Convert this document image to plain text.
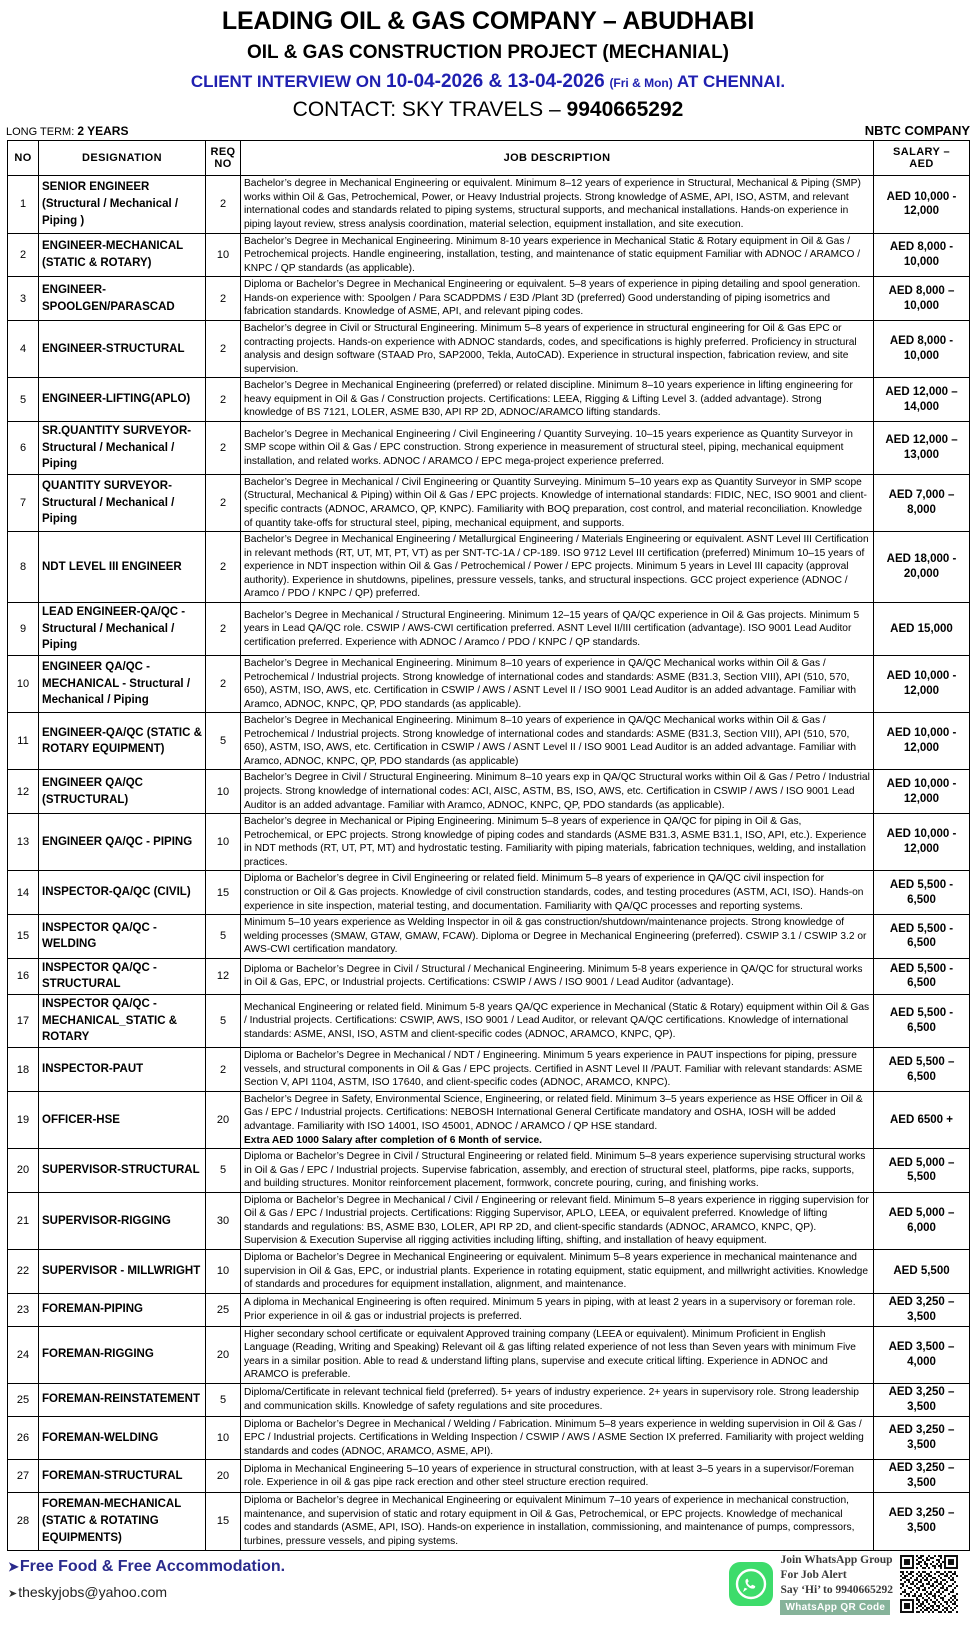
LEADING OIL & GAS COMPANY – ABUDHABI
OIL & GAS CONSTRUCTION PROJECT (MECHANIAL)
CLIENT INTERVIEW ON 10-04-2026 & 13-04-2026 (Fri & Mon) AT CHENNAI.
CONTACT: SKY TRAVELS – 9940665292
LONG TERM: 2 YEARS	NBTC COMPANY
NO	DESIGNATION	REQ
NO	JOB DESCRIPTION	SALARY –
AED
1	SENIOR ENGINEER (Structural / Mechanical / Piping )	2	Bachelor’s degree in Mechanical Engineering or equivalent. Minimum 8–12 years of experience in Structural, Mechanical & Piping (SMP) works within Oil & Gas, Petrochemical, Power, or Heavy Industrial projects. Strong knowledge of ASME, API, ISO, ASTM, and relevant international codes and standards related to piping systems, structural supports, and mechanical installations. Hands-on experience in piping layout review, stress analysis coordination, material selection, equipment installation, and site execution.	AED 10,000 - 12,000
2	ENGINEER-MECHANICAL (STATIC & ROTARY)	10	Bachelor’s Degree in Mechanical Engineering. Minimum 8-10 years experience in Mechanical Static & Rotary equipment in Oil & Gas / Petrochemical projects. Handle engineering, installation, testing, and maintenance of static equipment Familiar with ADNOC / ARAMCO / KNPC / QP standards (as applicable).	AED 8,000 - 10,000
3	ENGINEER-SPOOLGEN/PARASCAD	2	Diploma or Bachelor’s Degree in Mechanical Engineering or equivalent. 5–8 years of experience in piping detailing and spool generation. Hands-on experience with: Spoolgen / Para SCADPDMS / E3D /Plant 3D (preferred) Good understanding of piping isometrics and fabrication standards. Knowledge of ASME, API, and relevant piping codes.	AED 8,000 – 10,000
4	ENGINEER-STRUCTURAL	2	Bachelor’s degree in Civil or Structural Engineering. Minimum 5–8 years of experience in structural engineering for Oil & Gas EPC or contracting projects. Hands-on experience with ADNOC standards, codes, and specifications is highly preferred. Proficiency in structural analysis and design software (STAAD Pro, SAP2000, Tekla, AutoCAD). Experience in structural inspection, fabrication review, and site supervision.	AED 8,000 - 10,000
5	ENGINEER-LIFTING(APLO)	2	Bachelor’s Degree in Mechanical Engineering (preferred) or related discipline. Minimum 8–10 years experience in lifting engineering for heavy equipment in Oil & Gas / Construction projects. Certifications: LEEA, Rigging & Lifting Level 3. (added advantage). Strong knowledge of BS 7121, LOLER, ASME B30, API RP 2D, ADNOC/ARAMCO lifting standards.	AED 12,000 – 14,000
6	SR.QUANTITY SURVEYOR-Structural / Mechanical / Piping	2	Bachelor’s Degree in Mechanical Engineering / Civil Engineering / Quantity Surveying. 10–15 years experience as Quantity Surveyor in SMP scope within Oil & Gas / EPC construction. Strong experience in measurement of structural steel, piping, mechanical equipment installation, and related works. ADNOC / ARAMCO / EPC mega-project experience preferred.	AED 12,000 – 13,000
7	QUANTITY SURVEYOR-Structural / Mechanical / Piping	2	Bachelor’s Degree in Mechanical / Civil Engineering or Quantity Surveying. Minimum 5–10 years exp as Quantity Surveyor in SMP scope (Structural, Mechanical & Piping) within Oil & Gas / EPC projects. Knowledge of international standards: FIDIC, NEC, ISO 9001 and client-specific contracts (ADNOC, ARAMCO, QP, KNPC). Familiarity with BOQ preparation, cost control, and material reconciliation. Knowledge of quantity take-offs for structural steel, piping, mechanical equipment, and supports.	AED 7,000 – 8,000
8	NDT LEVEL III ENGINEER	2	Bachelor’s Degree in Mechanical Engineering / Metallurgical Engineering / Materials Engineering or equivalent. ASNT Level III Certification in relevant methods (RT, UT, MT, PT, VT) as per SNT-TC-1A / CP-189. ISO 9712 Level III certification (preferred) Minimum 10–15 years of experience in NDT inspection within Oil & Gas / Petrochemical / Power / EPC projects. Minimum 5 years in Level III capacity (approval authority). Experience in shutdowns, pipelines, pressure vessels, tanks, and structural inspections. GCC project experience (ADNOC / Aramco / PDO / KNPC / QP) preferred.	AED 18,000 - 20,000
9	LEAD ENGINEER-QA/QC - Structural / Mechanical / Piping	2	Bachelor’s Degree in Mechanical / Structural Engineering. Minimum 12–15 years of QA/QC experience in Oil & Gas projects. Minimum 5 years in Lead QA/QC role. CSWIP / AWS-CWI certification preferred. ASNT Level II/III certification (advantage). ISO 9001 Lead Auditor certification preferred. Experience with ADNOC / Aramco / PDO / KNPC / QP standards.	AED 15,000
10	ENGINEER QA/QC - MECHANICAL - Structural / Mechanical / Piping	2	Bachelor’s Degree in Mechanical Engineering. Minimum 8–10 years of experience in QA/QC Mechanical works within Oil & Gas / Petrochemical / Industrial projects. Strong knowledge of international codes and standards: ASME (B31.3, Section VIII), API (510, 570, 650), ASTM, ISO, AWS, etc. Certification in CSWIP / AWS / ASNT Level II / ISO 9001 Lead Auditor is an added advantage. Familiar with Aramco, ADNOC, KNPC, QP, PDO standards (as applicable).	AED 10,000 - 12,000
11	ENGINEER-QA/QC (STATIC & ROTARY EQUIPMENT)	5	Bachelor’s Degree in Mechanical Engineering. Minimum 8–10 years of experience in QA/QC Mechanical works within Oil & Gas / Petrochemical / Industrial projects. Strong knowledge of international codes and standards: ASME (B31.3, Section VIII), API (510, 570, 650), ASTM, ISO, AWS, etc. Certification in CSWIP / AWS / ASNT Level II / ISO 9001 Lead Auditor is an added advantage. Familiar with Aramco, ADNOC, KNPC, QP, PDO standards (as applicable)	AED 10,000 - 12,000
12	ENGINEER QA/QC (STRUCTURAL)	10	Bachelor’s Degree in Civil / Structural Engineering. Minimum 8–10 years exp in QA/QC Structural works within Oil & Gas / Petro / Industrial projects. Strong knowledge of international codes: ACI, AISC, ASTM, BS, ISO, AWS, etc. Certification in CSWIP / AWS / ISO 9001 Lead Auditor is an added advantage. Familiar with Aramco, ADNOC, KNPC, QP, PDO standards (as applicable).	AED 10,000 - 12,000
13	ENGINEER QA/QC - PIPING	10	Bachelor’s degree in Mechanical or Piping Engineering. Minimum 5–8 years of experience in QA/QC for piping in Oil & Gas, Petrochemical, or EPC projects. Strong knowledge of piping codes and standards (ASME B31.3, ASME B31.1, ISO, API, etc.). Experience in NDT methods (RT, UT, PT, MT) and hydrostatic testing. Familiarity with piping materials, fabrication techniques, welding, and installation practices.	AED 10,000 - 12,000
14	INSPECTOR-QA/QC (CIVIL)	15	Diploma or Bachelor’s degree in Civil Engineering or related field. Minimum 5–8 years of experience in QA/QC civil inspection for construction or Oil & Gas projects. Knowledge of civil construction standards, codes, and testing procedures (ASTM, ACI, ISO). Hands-on experience in site inspection, material testing, and documentation. Familiarity with QA/QC processes and reporting systems.	AED 5,500 - 6,500
15	INSPECTOR QA/QC - WELDING	5	Minimum 5–10 years experience as Welding Inspector in oil & gas construction/shutdown/maintenance projects. Strong knowledge of welding processes (SMAW, GTAW, GMAW, FCAW). Diploma or Degree in Mechanical Engineering (preferred). CSWIP 3.1 / CSWIP 3.2 or AWS-CWI certification mandatory.	AED 5,500 - 6,500
16	INSPECTOR QA/QC - STRUCTURAL	12	Diploma or Bachelor’s Degree in Civil / Structural / Mechanical Engineering. Minimum 5-8 years experience in QA/QC for structural works in Oil & Gas, EPC, or Industrial projects. Certifications: CSWIP / AWS / ISO 9001 / Lead Auditor (advantage).	AED 5,500 - 6,500
17	INSPECTOR QA/QC - MECHANICAL_STATIC & ROTARY	5	Mechanical Engineering or related field. Minimum 5-8 years QA/QC experience in Mechanical (Static & Rotary) equipment within Oil & Gas / Industrial projects. Certifications: CSWIP, AWS, ISO 9001 / Lead Auditor, or relevant QA/QC certifications. Knowledge of international standards: ASME, ANSI, ISO, ASTM and client-specific codes (ADNOC, ARAMCO, KNPC, QP).	AED 5,500 - 6,500
18	INSPECTOR-PAUT	2	Diploma or Bachelor’s Degree in Mechanical / NDT / Engineering. Minimum 5 years experience in PAUT inspections for piping, pressure vessels, and structural components in Oil & Gas / EPC projects. Certified in ASNT Level II /PAUT. Familiar with relevant standards: ASME Section V, API 1104, ASTM, ISO 17640, and client-specific codes (ADNOC, ARAMCO, KNPC).	AED 5,500 – 6,500
19	OFFICER-HSE	20	Bachelor’s Degree in Safety, Environmental Science, Engineering, or related field. Minimum 3–5 years experience as HSE Officer in Oil & Gas / EPC / Industrial projects. Certifications: NEBOSH International General Certificate mandatory and OSHA, IOSH will be added advantage. Familiarity with ISO 14001, ISO 45001, ADNOC / ARAMCO / QP HSE standard.
Extra AED 1000 Salary after completion of 6 Month of service.	AED 6500 +
20	SUPERVISOR-STRUCTURAL	5	Diploma or Bachelor’s Degree in Civil / Structural Engineering or related field. Minimum 5–8 years experience supervising structural works in Oil & Gas / EPC / Industrial projects. Supervise fabrication, assembly, and erection of structural steel, platforms, pipe racks, supports, and building structures. Monitor reinforcement placement, formwork, concrete pouring, curing, and finishing works.	AED 5,000 – 5,500
21	SUPERVISOR-RIGGING	30	Diploma or Bachelor’s Degree in Mechanical / Civil / Engineering or relevant field. Minimum 5–8 years experience in rigging supervision for Oil & Gas / EPC / Industrial projects. Certifications: Rigging Supervisor, APLO, LEEA, or equivalent preferred. Knowledge of lifting standards and regulations: BS, ASME B30, LOLER, API RP 2D, and client-specific standards (ADNOC, ARAMCO, KNPC, QP). Supervision & Execution Supervise all rigging activities including lifting, shifting, and installation of heavy equipment.	AED 5,000 – 6,000
22	SUPERVISOR - MILLWRIGHT	10	Diploma or Bachelor’s Degree in Mechanical Engineering or equivalent. Minimum 5–8 years experience in mechanical maintenance and supervision in Oil & Gas, EPC, or industrial plants. Experience in rotating equipment, static equipment, and millwright activities. Knowledge of standards and procedures for equipment installation, alignment, and maintenance.	AED 5,500
23	FOREMAN-PIPING	25	A diploma in Mechanical Engineering is often required. Minimum 5 years in piping, with at least 2 years in a supervisory or foreman role. Prior experience in oil & gas or industrial projects is preferred.	AED 3,250 – 3,500
24	FOREMAN-RIGGING	20	Higher secondary school certificate or equivalent Approved training company (LEEA or equivalent). Minimum Proficient in English Language (Reading, Writing and Speaking) Relevant oil & gas lifting related experience of not less than Seven years with minimum Five years in a similar position. Able to read & understand lifting plans, supervise and execute critical lifting. Experience in ADNOC and ARAMCO is preferable.	AED 3,500 – 4,000
25	FOREMAN-REINSTATEMENT	5	Diploma/Certificate in relevant technical field (preferred). 5+ years of industry experience. 2+ years in supervisory role. Strong leadership and communication skills. Knowledge of safety regulations and site procedures.	AED 3,250 – 3,500
26	FOREMAN-WELDING	10	Diploma or Bachelor’s Degree in Mechanical / Welding / Fabrication. Minimum 5–8 years experience in welding supervision in Oil & Gas / EPC / Industrial projects. Certifications in Welding Inspection / CSWIP / AWS / ASME Section IX preferred. Familiarity with project welding standards and codes (ADNOC, ARAMCO, ASME, API).	AED 3,250 – 3,500
27	FOREMAN-STRUCTURAL	20	Diploma in Mechanical Engineering 5–10 years of experience in structural construction, with at least 3–5 years in a supervisor/Foreman role. Experience in oil & gas pipe rack erection and other steel structure erection required.	AED 3,250 – 3,500
28	FOREMAN-MECHANICAL (STATIC & ROTATING EQUIPMENTS)	15	Diploma or Bachelor’s degree in Mechanical Engineering or equivalent Minimum 7–10 years of experience in mechanical construction, maintenance, and supervision of static and rotary equipment in Oil & Gas, Petrochemical, or EPC projects. Knowledge of mechanical codes and standards (ASME, API, ISO). Hands-on experience in installation, commissioning, and maintenance of pumps, compressors, turbines, pressure vessels, and piping systems.	AED 3,250 – 3,500
➤Free Food & Free Accommodation.
➤theskyjobs@yahoo.com
Join WhatsApp Group
For Job Alert
Say ‘Hi’ to 9940665292
WhatsApp QR Code
